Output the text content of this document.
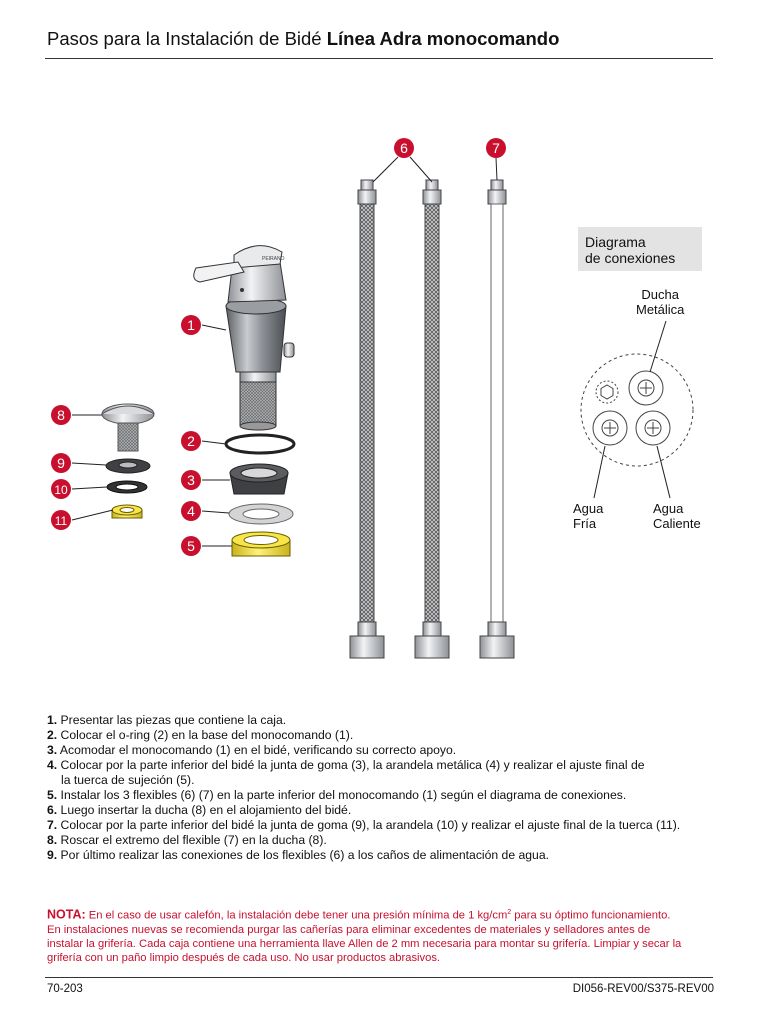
Pasos para la Instalación de Bidé Línea Adra monocomando
PEIRANO
1
2
3
4
5
6	7
8
9
10
11
Diagrama
de conexiones
Ducha
Metálica
Agua
Fría
Agua
Caliente
1. Presentar las piezas que contiene la caja.
2. Colocar el o-ring (2) en la base del monocomando (1).
3. Acomodar el monocomando (1) en el bidé, verificando su correcto apoyo.
4. Colocar por la parte inferior del bidé la junta de goma (3), la arandela metálica (4) y realizar el ajuste final de
la tuerca de sujeción (5).
5. Instalar los 3 flexibles (6) (7) en la parte inferior del monocomando (1) según el diagrama de conexiones.
6. Luego insertar la ducha (8) en el alojamiento del bidé.
7. Colocar por la parte inferior del bidé la junta de goma (9), la arandela (10) y realizar el ajuste final de la tuerca (11).
8. Roscar el extremo del flexible (7) en la ducha (8).
9. Por último realizar las conexiones de los flexibles (6) a los caños de alimentación de agua.
NOTA: En el caso de usar calefón, la instalación debe tener una presión mínima de 1 $kg/cm^2$ para su óptimo funcionamiento.
En instalaciones nuevas se recomienda purgar las cañerías para eliminar excedentes de materiales y selladores antes de
instalar la grifería. Cada caja contiene una herramienta llave Allen de 2 mm necesaria para montar su grifería. Limpiar y secar la
grifería con un paño limpio después de cada uso. No usar productos abrasivos.
70-203	DI056-REV00/S375-REV00
